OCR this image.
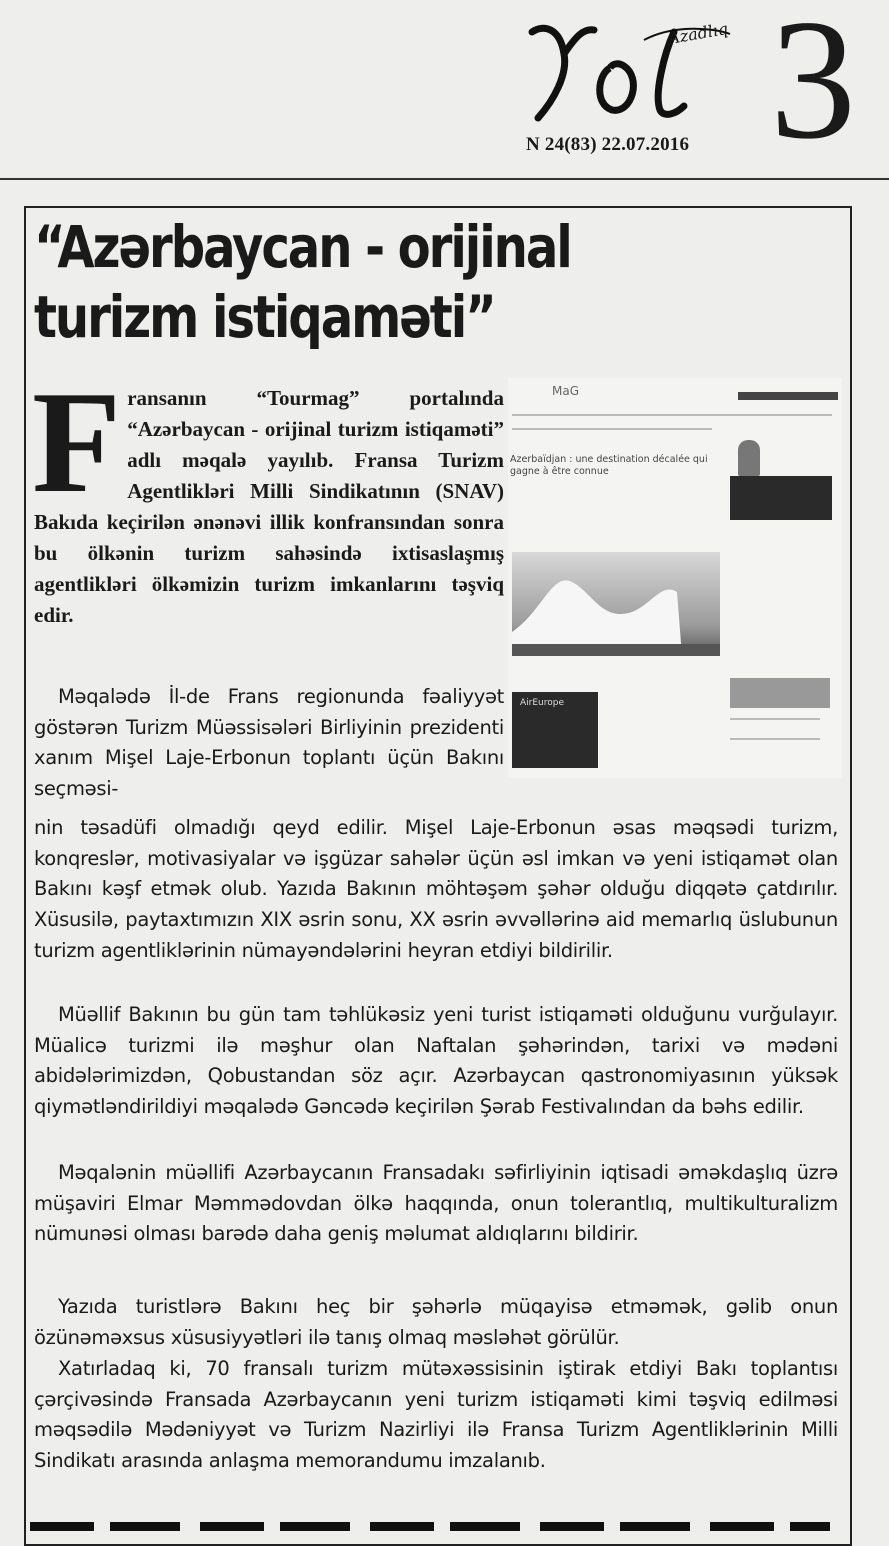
Azadlıq
N 24(83) 22.07.2016 3
“Azərbaycan - orijinal turizm istiqaməti”

Fransanın “Tourmag” portalında “Azərbaycan - orijinal turizm istiqaməti” adlı məqalə yayılıb. Fransa Turizm Agentlikləri Milli Sindikatının (SNAV) Bakıda keçirilən ənənəvi illik konfransından sonra bu ölkənin turizm sahəsində ixtisaslaşmış agentlikləri ölkəmizin turizm imkanlarını təşviq edir.

MaG
Azerbaïdjan : une destination décalée qui gagne à être connue
AirEurope

Məqalədə İl-de Frans regionunda fəaliyyət göstərən Turizm Müəssisələri Birliyinin prezidenti xanım Mişel Laje-Erbonun toplantı üçün Bakını seçməsi-

nin təsadüfi olmadığı qeyd edilir. Mişel Laje-Erbonun əsas məqsədi turizm, konqreslər, motivasiyalar və işgüzar sahələr üçün əsl imkan və yeni istiqamət olan Bakını kəşf etmək olub. Yazıda Bakının möhtəşəm şəhər olduğu diqqətə çatdırılır. Xüsusilə, paytaxtımızın XIX əsrin sonu, XX əsrin əvvəllərinə aid memarlıq üslubunun turizm agentliklərinin nümayəndələrini heyran etdiyi bildirilir.

Müəllif Bakının bu gün tam təhlükəsiz yeni turist istiqaməti olduğunu vurğulayır. Müalicə turizmi ilə məşhur olan Naftalan şəhərindən, tarixi və mədəni abidələrimizdən, Qobustandan söz açır. Azərbaycan qastronomiyasının yüksək qiymətləndirildiyi məqalədə Gəncədə keçirilən Şərab Festivalından da bəhs edilir.

Məqalənin müəllifi Azərbaycanın Fransadakı səfirliyinin iqtisadi əməkdaşlıq üzrə müşaviri Elmar Məmmədovdan ölkə haqqında, onun tolerantlıq, multikulturalizm nümunəsi olması barədə daha geniş məlumat aldıqlarını bildirir.

Yazıda turistlərə Bakını heç bir şəhərlə müqayisə etməmək, gəlib onun özünəməxsus xüsusiyyətləri ilə tanış olmaq məsləhət görülür.

Xatırladaq ki, 70 fransalı turizm mütəxəssisinin iştirak etdiyi Bakı toplantısı çərçivəsində Fransada Azərbaycanın yeni turizm istiqaməti kimi təşviq edilməsi məqsədilə Mədəniyyət və Turizm Nazirliyi ilə Fransa Turizm Agentliklərinin Milli Sindikatı arasında anlaşma memorandumu imzalanıb.
